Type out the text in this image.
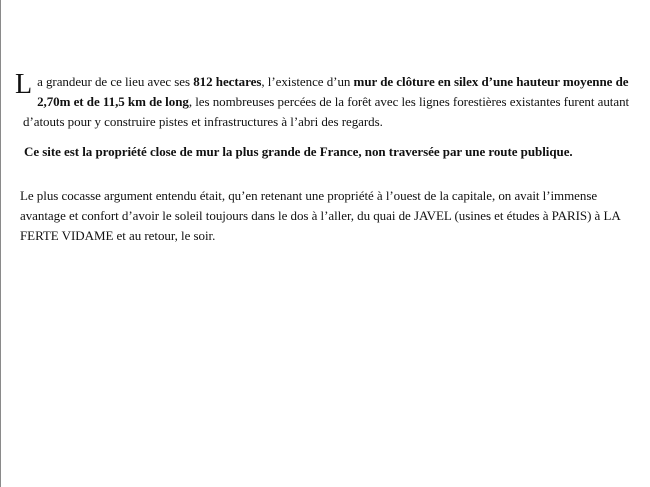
La grandeur de ce lieu avec ses 812 hectares, l’existence d’un mur de clôture en silex d’une hauteur moyenne de 2,70m et de 11,5 km de long, les nombreuses percées de la forêt avec les lignes forestières existantes furent autant d’atouts pour y construire pistes et infrastructures à l’abri des regards.

Ce site est la propriété close de mur la plus grande de France, non traversée par une route publique.

Le plus cocasse argument entendu était, qu’en retenant une propriété à l’ouest de la capitale, on avait l’immense avantage et confort d’avoir le soleil toujours dans le dos à l’aller, du quai de JAVEL (usines et études à PARIS) à LA FERTE VIDAME et au retour, le soir.
